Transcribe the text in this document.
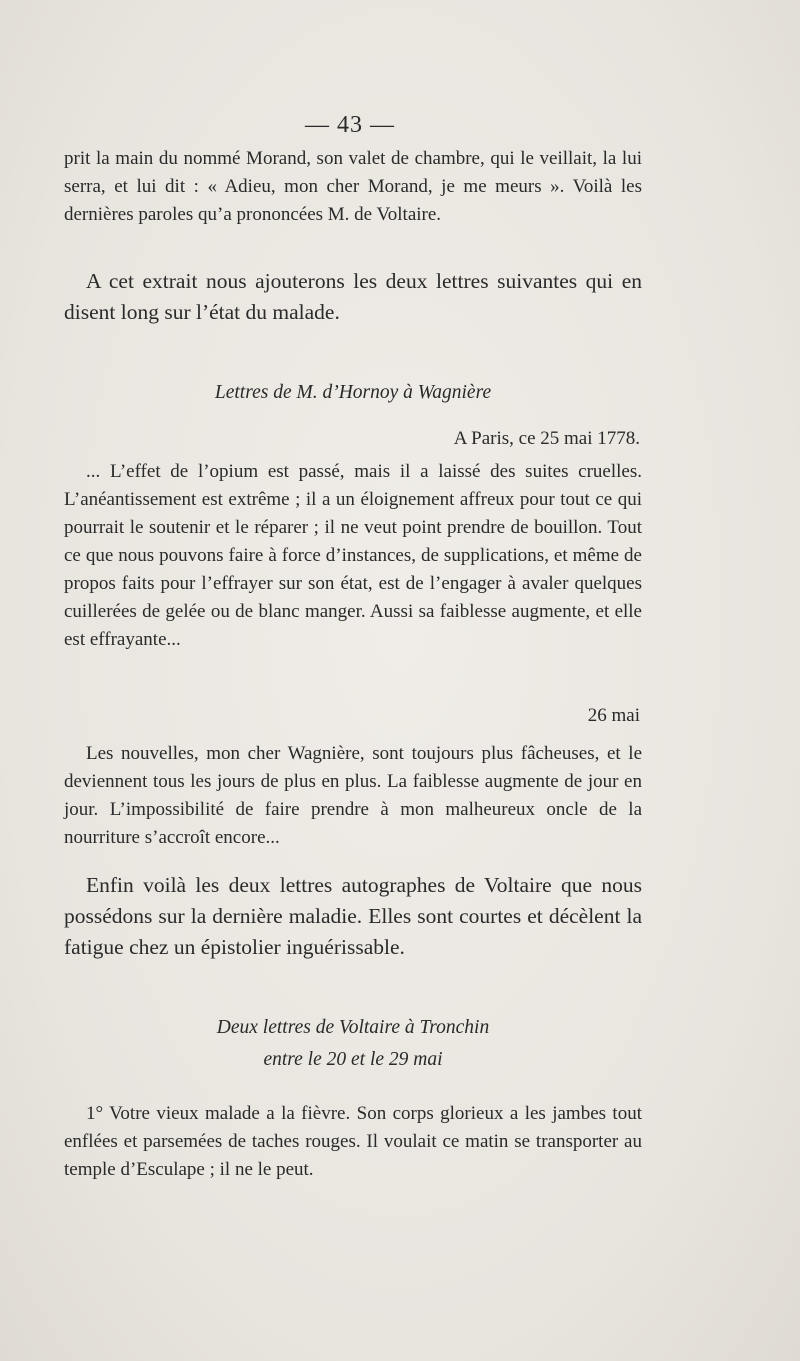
— 43 —

prit la main du nommé Morand, son valet de chambre, qui le veillait, la lui serra, et lui dit : « Adieu, mon cher Morand, je me meurs ». Voilà les dernières paroles qu’a prononcées M. de Voltaire.

A cet extrait nous ajouterons les deux lettres suivantes qui en disent long sur l’état du malade.

Lettres de M. d’Hornoy à Wagnière
A Paris, ce 25 mai 1778.

... L’effet de l’opium est passé, mais il a laissé des suites cruelles. L’anéantissement est extrême ; il a un éloignement affreux pour tout ce qui pourrait le soutenir et le réparer ; il ne veut point prendre de bouillon. Tout ce que nous pouvons faire à force d’instances, de supplications, et même de propos faits pour l’effrayer sur son état, est de l’engager à avaler quelques cuillerées de gelée ou de blanc manger. Aussi sa faiblesse augmente, et elle est effrayante...

26 mai

Les nouvelles, mon cher Wagnière, sont toujours plus fâcheuses, et le deviennent tous les jours de plus en plus. La faiblesse augmente de jour en jour. L’impossibilité de faire prendre à mon malheureux oncle de la nourriture s’accroît encore...

Enfin voilà les deux lettres autographes de Voltaire que nous possédons sur la dernière maladie. Elles sont courtes et décèlent la fatigue chez un épistolier inguérissable.

Deux lettres de Voltaire à Tronchin
entre le 20 et le 29 mai

1° Votre vieux malade a la fièvre. Son corps glorieux a les jambes tout enflées et parsemées de taches rouges. Il voulait ce matin se transporter au temple d’Esculape ; il ne le peut.
